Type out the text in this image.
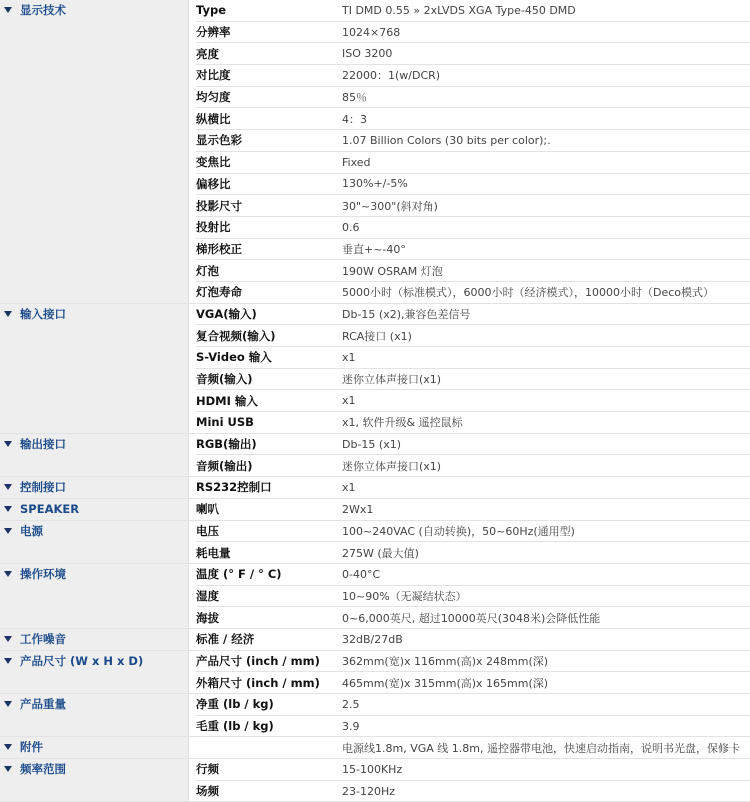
显示技术		Type	TI DMD 0.55 » 2xLVDS XGA Type-450 DMD
		分辨率	1024×768
		亮度	ISO 3200
		对比度	22000：1(w/DCR)
		均匀度	85％
		纵横比	4：3
		显示色彩	1.07 Billion Colors (30 bits per color);.
		变焦比	Fixed
		偏移比	130%+/-5%
		投影尺寸	30"~300"(斜对角)
		投射比	0.6
		梯形校正	垂直+~-40°
		灯泡	190W OSRAM 灯泡
		灯泡寿命	5000小时（标准模式），6000小时（经济模式），10000小时（Deco模式）

输入接口		VGA(输入)	Db-15 (x2),兼容色差信号
		复合视频(输入)	RCA接口 (x1)
		S-Video 输入	x1
		音频(输入)	迷你立体声接口(x1)
		HDMI 输入	x1
		Mini USB	x1, 软件升级& 遥控鼠标

输出接口		RGB(输出)	Db-15 (x1)
		音频(输出)	迷你立体声接口(x1)

控制接口		RS232控制口	x1

SPEAKER		喇叭	2Wx1

电源		电压	100~240VAC (自动转换)，50~60Hz(通用型)
		耗电量	275W (最大值)

操作环境		温度 (° F / ° C)	0-40°C
		湿度	10~90%（无凝结状态）
		海拔	0~6,000英尺, 超过10000英尺(3048米)会降低性能

工作噪音		标准 / 经济	32dB/27dB

产品尺寸 (W x H x D)		产品尺寸 (inch / mm)	362mm(宽)x 116mm(高)x 248mm(深)
		外箱尺寸 (inch / mm)	465mm(宽)x 315mm(高)x 165mm(深)

产品重量		净重 (lb / kg)	2.5
		毛重 (lb / kg)	3.9

附件			电源线1.8m, VGA 线 1.8m, 遥控器带电池，快速启动指南，说明书光盘，保修卡

频率范围		行频	15-100KHz
		场频	23-120Hz
